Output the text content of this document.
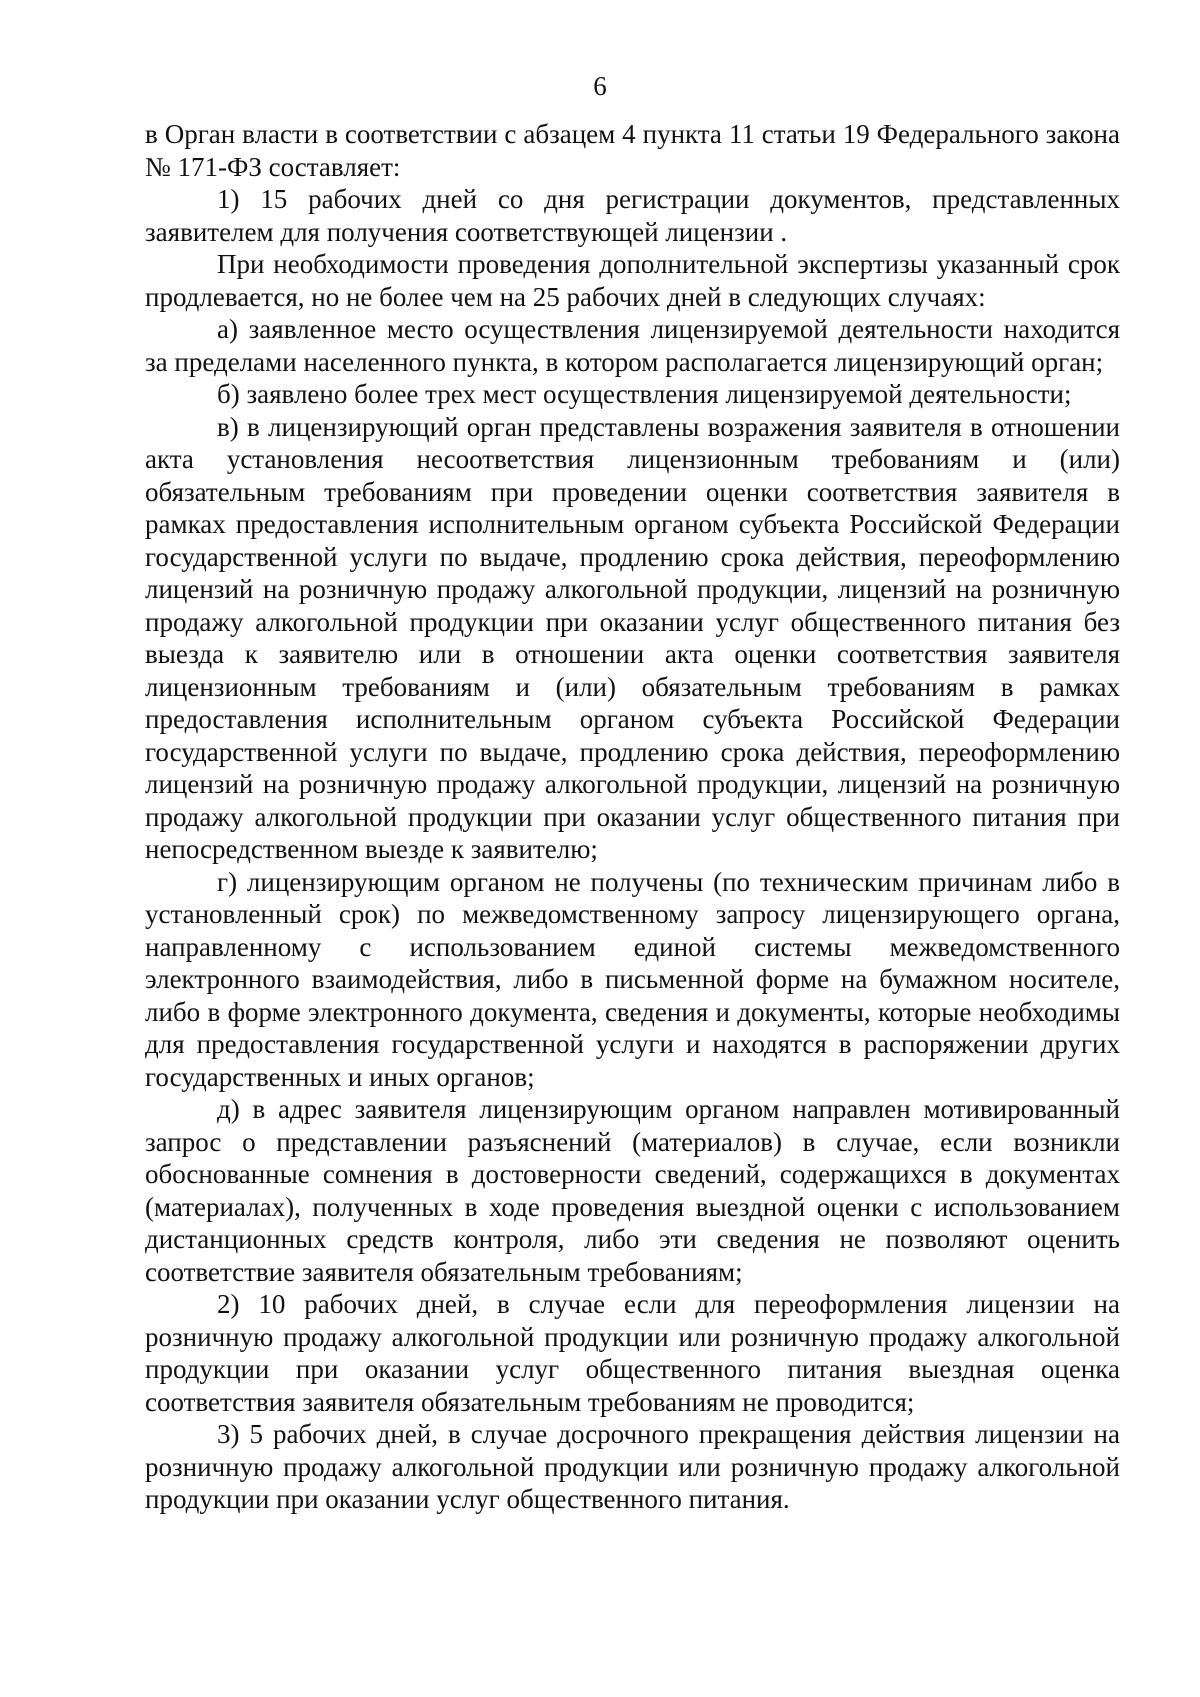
6

в Орган власти в соответствии с абзацем 4 пункта 11 статьи 19 Федерального закона № 171-ФЗ составляет:

1) 15 рабочих дней со дня регистрации документов, представленных заявителем для получения соответствующей лицензии .

При необходимости проведения дополнительной экспертизы указанный срок продлевается, но не более чем на 25 рабочих дней в следующих случаях:

а) заявленное место осуществления лицензируемой деятельности находится за пределами населенного пункта, в котором располагается лицензирующий орган;

б) заявлено более трех мест осуществления лицензируемой деятельности;

в) в лицензирующий орган представлены возражения заявителя в отношении акта установления несоответствия лицензионным требованиям и (или) обязательным требованиям при проведении оценки соответствия заявителя в рамках предоставления исполнительным органом субъекта Российской Федерации государственной услуги по выдаче, продлению срока действия, переоформлению лицензий на розничную продажу алкогольной продукции, лицензий на розничную продажу алкогольной продукции при оказании услуг общественного питания без выезда к заявителю или в отношении акта оценки соответствия заявителя лицензионным требованиям и (или) обязательным требованиям в рамках предоставления исполнительным органом субъекта Российской Федерации государственной услуги по выдаче, продлению срока действия, переоформлению лицензий на розничную продажу алкогольной продукции, лицензий на розничную продажу алкогольной продукции при оказании услуг общественного питания при непосредственном выезде к заявителю;

г) лицензирующим органом не получены (по техническим причинам либо в установленный срок) по межведомственному запросу лицензирующего органа, направленному с использованием единой системы межведомственного электронного взаимодействия, либо в письменной форме на бумажном носителе, либо в форме электронного документа, сведения и документы, которые необходимы для предоставления государственной услуги и находятся в распоряжении других государственных и иных органов;

д) в адрес заявителя лицензирующим органом направлен мотивированный запрос о представлении разъяснений (материалов) в случае, если возникли обоснованные сомнения в достоверности сведений, содержащихся в документах (материалах), полученных в ходе проведения выездной оценки с использованием дистанционных средств контроля, либо эти сведения не позволяют оценить соответствие заявителя обязательным требованиям;

2) 10 рабочих дней, в случае если для переоформления лицензии на розничную продажу алкогольной продукции или розничную продажу алкогольной продукции при оказании услуг общественного питания выездная оценка соответствия заявителя обязательным требованиям не проводится;

3) 5 рабочих дней, в случае досрочного прекращения действия лицензии на розничную продажу алкогольной продукции или розничную продажу алкогольной продукции при оказании услуг общественного питания.
